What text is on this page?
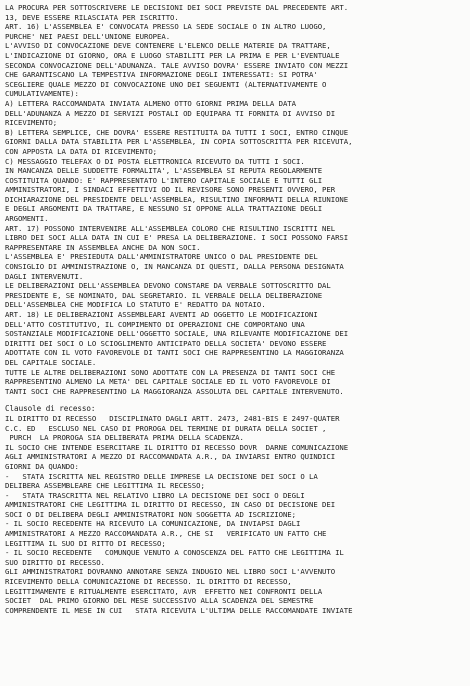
LA PROCURA PER SOTTOSCRIVERE LE DECISIONI DEI SOCI PREVISTE DAL PRECEDENTE ART.
13, DEVE ESSERE RILASCIATA PER ISCRITTO.
ART. 16) L'ASSEMBLEA E' CONVOCATA PRESSO LA SEDE SOCIALE O IN ALTRO LUOGO,
PURCHE' NEI PAESI DELL'UNIONE EUROPEA.
L'AVVISO DI CONVOCAZIONE DEVE CONTENERE L'ELENCO DELLE MATERIE DA TRATTARE,
L'INDICAZIONE DI GIORNO, ORA E LUOGO STABILITI PER LA PRIMA E PER L'EVENTUALE
SECONDA CONVOCAZIONE DELL'ADUNANZA. TALE AVVISO DOVRA' ESSERE INVIATO CON MEZZI
CHE GARANTISCANO LA TEMPESTIVA INFORMAZIONE DEGLI INTERESSATI: SI POTRA'
SCEGLIERE QUALE MEZZO DI CONVOCAZIONE UNO DEI SEGUENTI (ALTERNATIVAMENTE O
CUMULATIVAMENTE):
A) LETTERA RACCOMANDATA INVIATA ALMENO OTTO GIORNI PRIMA DELLA DATA
DELL'ADUNANZA A MEZZO DI SERVIZI POSTALI OD EQUIPARA TI FORNITA DI AVVISO DI
RICEVIMENTO;
B) LETTERA SEMPLICE, CHE DOVRA' ESSERE RESTITUITA DA TUTTI I SOCI, ENTRO CINQUE
GIORNI DALLA DATA STABILITA PER L'ASSEMBLEA, IN COPIA SOTTOSCRITTA PER RICEVUTA,
CON APPOSTA LA DATA DI RICEVIMENTO;
C) MESSAGGIO TELEFAX O DI POSTA ELETTRONICA RICEVUTO DA TUTTI I SOCI.
IN MANCANZA DELLE SUDDETTE FORMALITA', L'ASSEMBLEA SI REPUTA REGOLARMENTE
COSTITUITA QUANDO: E' RAPPRESENTATO L'INTERO CAPITALE SOCIALE E TUTTI GLI
AMMINISTRATORI, I SINDACI EFFETTIVI OD IL REVISORE SONO PRESENTI OVVERO, PER
DICHIARAZIONE DEL PRESIDENTE DELL'ASSEMBLEA, RISULTINO INFORMATI DELLA RIUNIONE
E DEGLI ARGOMENTI DA TRATTARE, E NESSUNO SI OPPONE ALLA TRATTAZIONE DEGLI
ARGOMENTI.
ART. 17) POSSONO INTERVENIRE ALL'ASSEMBLEA COLORO CHE RISULTINO ISCRITTI NEL
LIBRO DEI SOCI ALLA DATA IN CUI E' PRESA LA DELIBERAZIONE. I SOCI POSSONO FARSI
RAPPRESENTARE IN ASSEMBLEA ANCHE DA NON SOCI.
L'ASSEMBLEA E' PRESIEDUTA DALL'AMMINISTRATORE UNICO O DAL PRESIDENTE DEL
CONSIGLIO DI AMMINISTRAZIONE O, IN MANCANZA DI QUESTI, DALLA PERSONA DESIGNATA
DAGLI INTERVENUTI.
LE DELIBERAZIONI DELL'ASSEMBLEA DEVONO CONSTARE DA VERBALE SOTTOSCRITTO DAL
PRESIDENTE E, SE NOMINATO, DAL SEGRETARIO. IL VERBALE DELLA DELIBERAZIONE
DELL'ASSEMBLEA CHE MODIFICA LO STATUTO E' REDATTO DA NOTAIO.
ART. 18) LE DELIBERAZIONI ASSEMBLEARI AVENTI AD OGGETTO LE MODIFICAZIONI
DELL'ATTO COSTITUTIVO, IL COMPIMENTO DI OPERAZIONI CHE COMPORTANO UNA
SOSTANZIALE MODIFICAZIONE DELL'OGGETTO SOCIALE, UNA RILEVANTE MODIFICAZIONE DEI
DIRITTI DEI SOCI O LO SCIOGLIMENTO ANTICIPATO DELLA SOCIETA' DEVONO ESSERE
ADOTTATE CON IL VOTO FAVOREVOLE DI TANTI SOCI CHE RAPPRESENTINO LA MAGGIORANZA
DEL CAPITALE SOCIALE.
TUTTE LE ALTRE DELIBERAZIONI SONO ADOTTATE CON LA PRESENZA DI TANTI SOCI CHE
RAPPRESENTINO ALMENO LA META' DEL CAPITALE SOCIALE ED IL VOTO FAVOREVOLE DI
TANTI SOCI CHE RAPPRESENTINO LA MAGGIORANZA ASSOLUTA DEL CAPITALE INTERVENUTO.
Clausole di recesso:
IL DIRITTO DI RECESSO   DISCIPLINATO DAGLI ARTT. 2473, 2481-BIS E 2497-QUATER
C.C. ED   ESCLUSO NEL CASO DI PROROGA DEL TERMINE DI DURATA DELLA SOCIET ,
PURCH  LA PROROGA SIA DELIBERATA PRIMA DELLA SCADENZA.
IL SOCIO CHE INTENDE ESERCITARE IL DIRITTO DI RECESSO DOVR  DARNE COMUNICAZIONE
AGLI AMMINISTRATORI A MEZZO DI RACCOMANDATA A.R., DA INVIARSI ENTRO QUINDICI
GIORNI DA QUANDO:
-   STATA ISCRITTA NEL REGISTRO DELLE IMPRESE LA DECISIONE DEI SOCI O LA
DELIBERA ASSEMBLEARE CHE LEGITTIMA IL RECESSO;
-   STATA TRASCRITTA NEL RELATIVO LIBRO LA DECISIONE DEI SOCI O DEGLI
AMMINISTRATORI CHE LEGITTIMA IL DIRITTO DI RECESSO, IN CASO DI DECISIONE DEI
SOCI O DI DELIBERA DEGLI AMMINISTRATORI NON SOGGETTA AD ISCRIZIONE;
- IL SOCIO RECEDENTE HA RICEVUTO LA COMUNICAZIONE, DA INVIAPSI DAGLI
AMMINISTRATORI A MEZZO RACCOMANDATA A.R., CHE SI   VERIFICATO UN FATTO CHE
LEGITTIMA IL SUO DI RITTO DI RECESSO;
- IL SOCIO RECEDENTE   COMUNQUE VENUTO A CONOSCENZA DEL FATTO CHE LEGITTIMA IL
SUO DIRITTO DI RECESSO.
GLI AMMINISTRATORI DOVRANNO ANNOTARE SENZA INDUGIO NEL LIBRO SOCI L'AVVENUTO
RICEVIMENTO DELLA COMUNICAZIONE DI RECESSO. IL DIRITTO DI RECESSO,
LEGITTIMAMENTE E RITUALMENTE ESERCITATO, AVR  EFFETTO NEI CONFRONTI DELLA
SOCIET  DAL PRIMO GIORNO DEL MESE SUCCESSIVO ALLA SCADENZA DEL SEMESTRE
COMPRENDENTE IL MESE IN CUI   STATA RICEVUTA L'ULTIMA DELLE RACCOMANDATE INVIATE
